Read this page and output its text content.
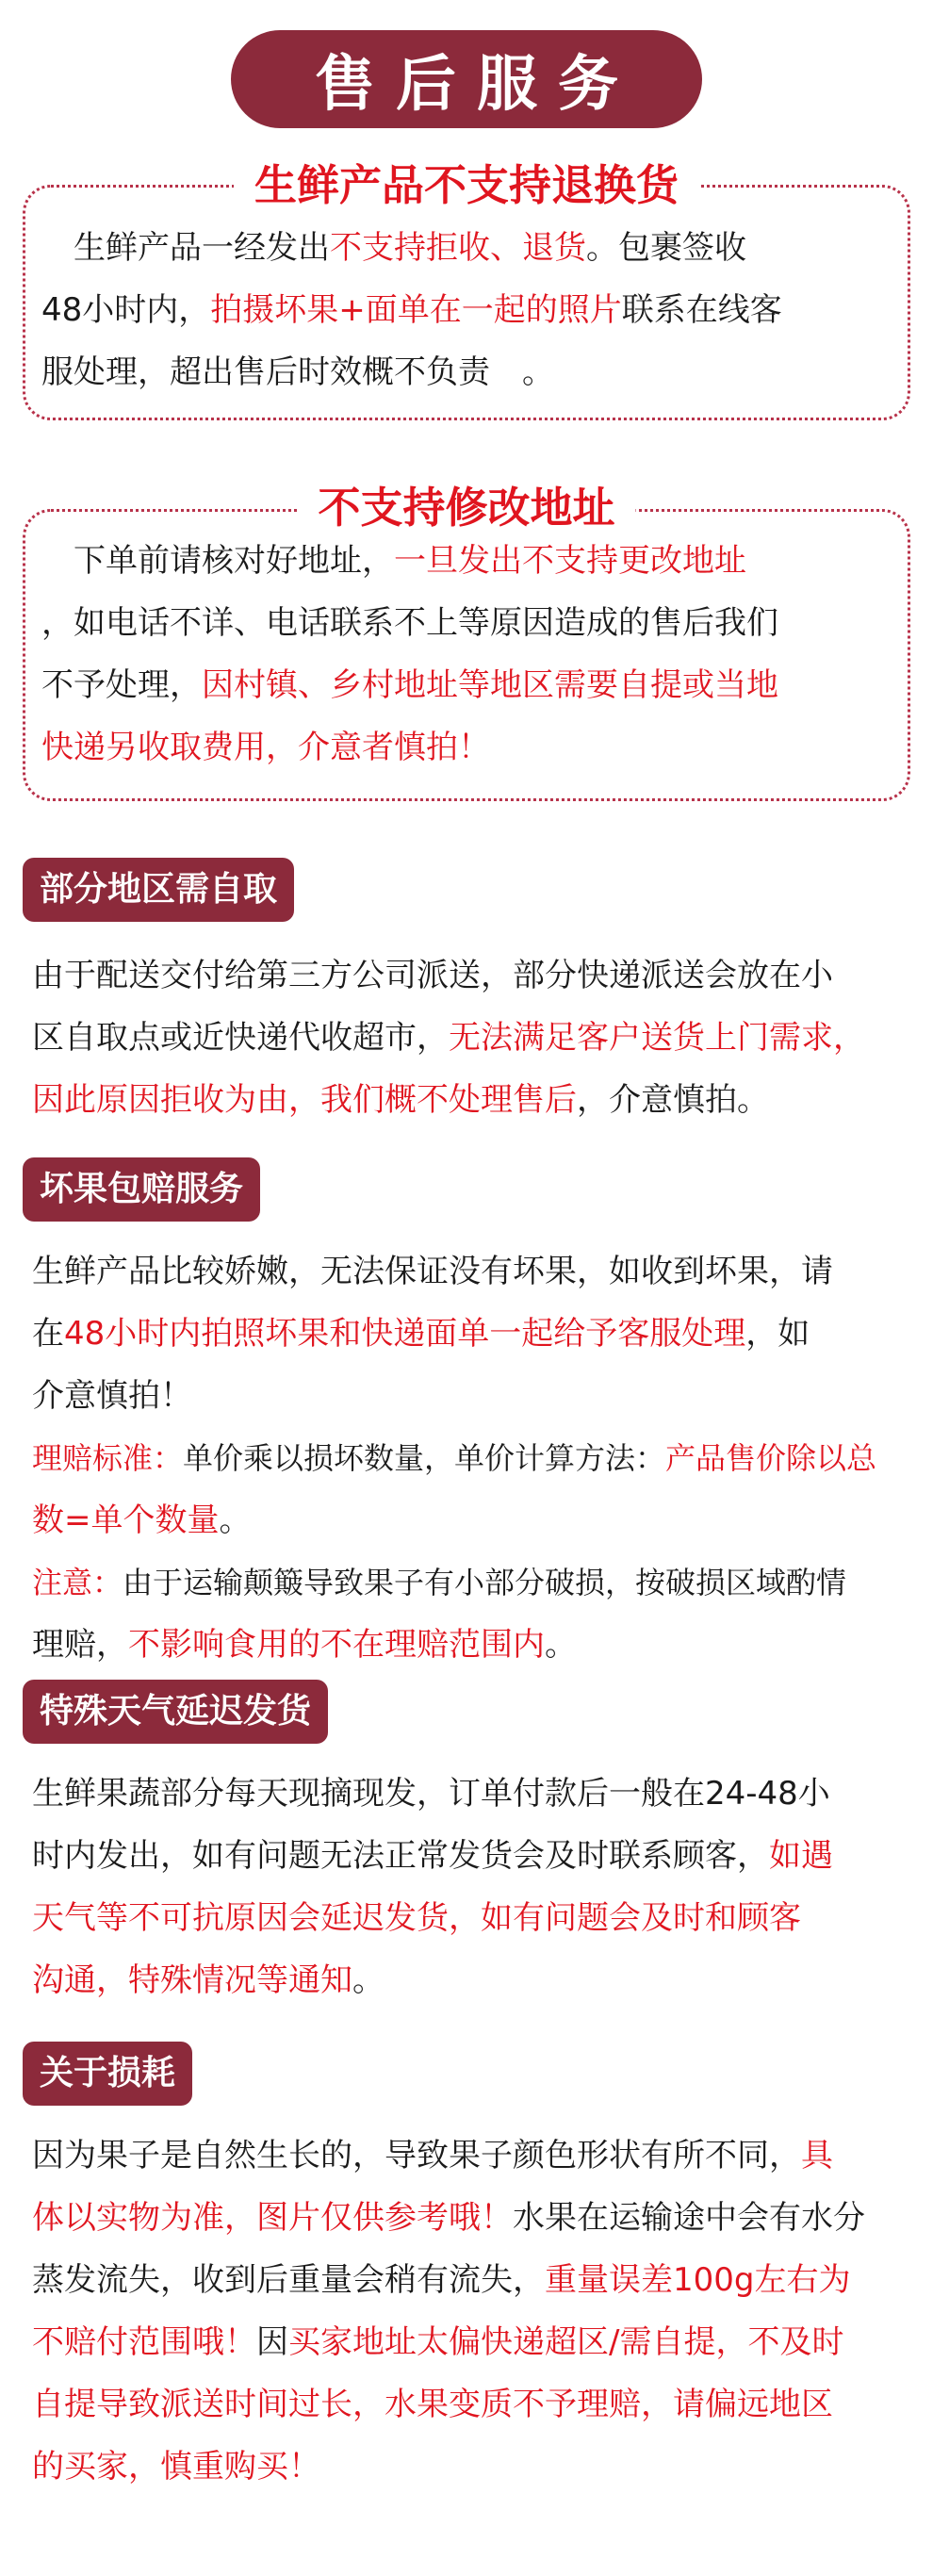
售后服务
生鲜产品不支持退换货
　生鲜产品一经发出不支持拒收、退货。包裹签收
48小时内，拍摄坏果+面单在一起的照片联系在线客
服处理，超出售后时效概不负责　。
不支持修改地址
　下单前请核对好地址，一旦发出不支持更改地址
，如电话不详、电话联系不上等原因造成的售后我们
不予处理，因村镇、乡村地址等地区需要自提或当地
快递另收取费用，介意者慎拍！
部分地区需自取
由于配送交付给第三方公司派送，部分快递派送会放在小
区自取点或近快递代收超市，无法满足客户送货上门需求，
因此原因拒收为由，我们概不处理售后，介意慎拍。
坏果包赔服务
生鲜产品比较娇嫩，无法保证没有坏果，如收到坏果，请
在48小时内拍照坏果和快递面单一起给予客服处理，如
介意慎拍！
理赔标准：单价乘以损坏数量，单价计算方法：产品售价除以总
数=单个数量。
注意：由于运输颠簸导致果子有小部分破损，按破损区域酌情
理赔，不影响食用的不在理赔范围内。
特殊天气延迟发货
生鲜果蔬部分每天现摘现发，订单付款后一般在24-48小
时内发出，如有问题无法正常发货会及时联系顾客，如遇
天气等不可抗原因会延迟发货，如有问题会及时和顾客
沟通，特殊情况等通知。
关于损耗
因为果子是自然生长的，导致果子颜色形状有所不同，具
体以实物为准，图片仅供参考哦！水果在运输途中会有水分
蒸发流失，收到后重量会稍有流失，重量误差100g左右为
不赔付范围哦！因买家地址太偏快递超区/需自提，不及时
自提导致派送时间过长，水果变质不予理赔，请偏远地区
的买家，慎重购买！
